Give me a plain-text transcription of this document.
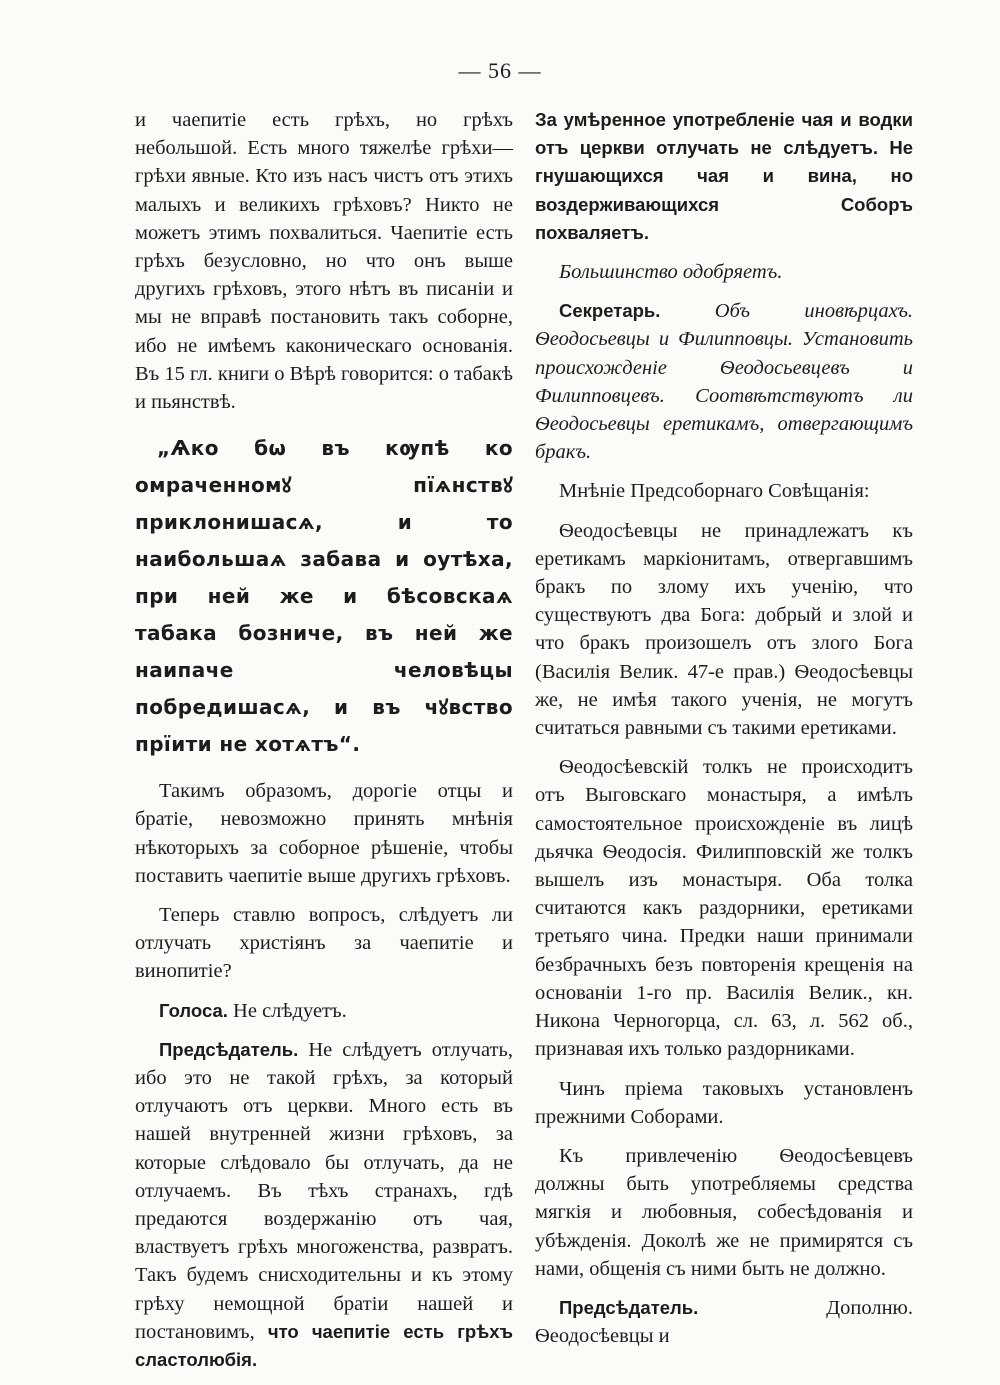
— 56 —

и чаепитіе есть грѣхъ, но грѣхъ небольшой. Есть много тяжелѣе грѣхи—грѣхи явные. Кто изъ насъ чистъ отъ этихъ малыхъ и великихъ грѣховъ? Никто не можетъ этимъ похвалиться. Чаепитіе есть грѣхъ безусловно, но что онъ выше другихъ грѣховъ, этого нѣтъ въ писаніи и мы не вправѣ постановить такъ соборне, ибо не имѣемъ каконическаго основанія. Въ 15 гл. книги о Вѣрѣ говорится: о табакѣ и пьянствѣ.

„Ѧко бѡ въ кѹпѣ ко омраченномꙋ пїѧнствꙋ приклонишасѧ, и то наибольшаѧ забава и оутѣха, при ней же и бѣсовскаѧ табака бозниче, въ ней же наипаче человѣцы побредишасѧ, и въ чꙋвство прїити не хотѧтъ“.

Такимъ образомъ, дорогіе отцы и братіе, невозможно принять мнѣнія нѣкоторыхъ за соборное рѣшеніе, чтобы поставить чаепитіе выше другихъ грѣховъ.

Теперь ставлю вопросъ, слѣдуетъ ли отлучать христіянъ за чаепитіе и винопитіе?

Голоса. Не слѣдуетъ.

Предсѣдатель. Не слѣдуетъ отлучать, ибо это не такой грѣхъ, за который отлучаютъ отъ церкви. Много есть въ нашей внутренней жизни грѣховъ, за которые слѣдовало бы отлучать, да не отлучаемъ. Въ тѣхъ странахъ, гдѣ предаются воздержанію отъ чая, властвуетъ грѣхъ многоженства, развратъ. Такъ будемъ снисходительны и къ этому грѣху немощной братіи нашей и постановимъ, что чаепитіе есть грѣхъ сластолюбія.

За умѣренное употребленіе чая и водки отъ церкви отлучать не слѣдуетъ. Не гнушающихся чая и вина, но воздерживающихся Соборъ похваляетъ.

Большинство одобряетъ.

Секретарь. Объ иновѣрцахъ. Ѳеодосьевцы и Филипповцы. Установить происхожденіе Ѳеодосьевцевъ и Филипповцевъ. Соотвѣтствуютъ ли Ѳеодосьевцы еретикамъ, отвергающимъ бракъ.

Мнѣніе Предсоборнаго Совѣщанія:

Ѳеодосѣевцы не принадлежатъ къ еретикамъ маркіонитамъ, отвергавшимъ бракъ по злому ихъ ученію, что существуютъ два Бога: добрый и злой и что бракъ произошелъ отъ злого Бога (Василія Велик. 47-е прав.) Ѳеодосѣевцы же, не имѣя такого ученія, не могутъ считаться равными съ такими еретиками.

Ѳеодосѣевскій толкъ не происходитъ отъ Выговскаго монастыря, а имѣлъ самостоятельное происхожденіе въ лицѣ дьячка Ѳеодосія. Филипповскій же толкъ вышелъ изъ монастыря. Оба толка считаются какъ раздорники, еретиками третьяго чина. Предки наши принимали безбрачныхъ безъ повторенія крещенія на основаніи 1-го пр. Василія Велик., кн. Никона Черногорца, сл. 63, л. 562 об., признавая ихъ только раздорниками.

Чинъ пріема таковыхъ установленъ прежними Соборами.

Къ привлеченію Ѳеодосѣевцевъ должны быть употребляемы средства мягкія и любовныя, собесѣдованія и убѣжденія. Доколѣ же не примирятся съ нами, общенія съ ними быть не должно.

Предсѣдатель. Дополню. Ѳеодосѣевцы и
